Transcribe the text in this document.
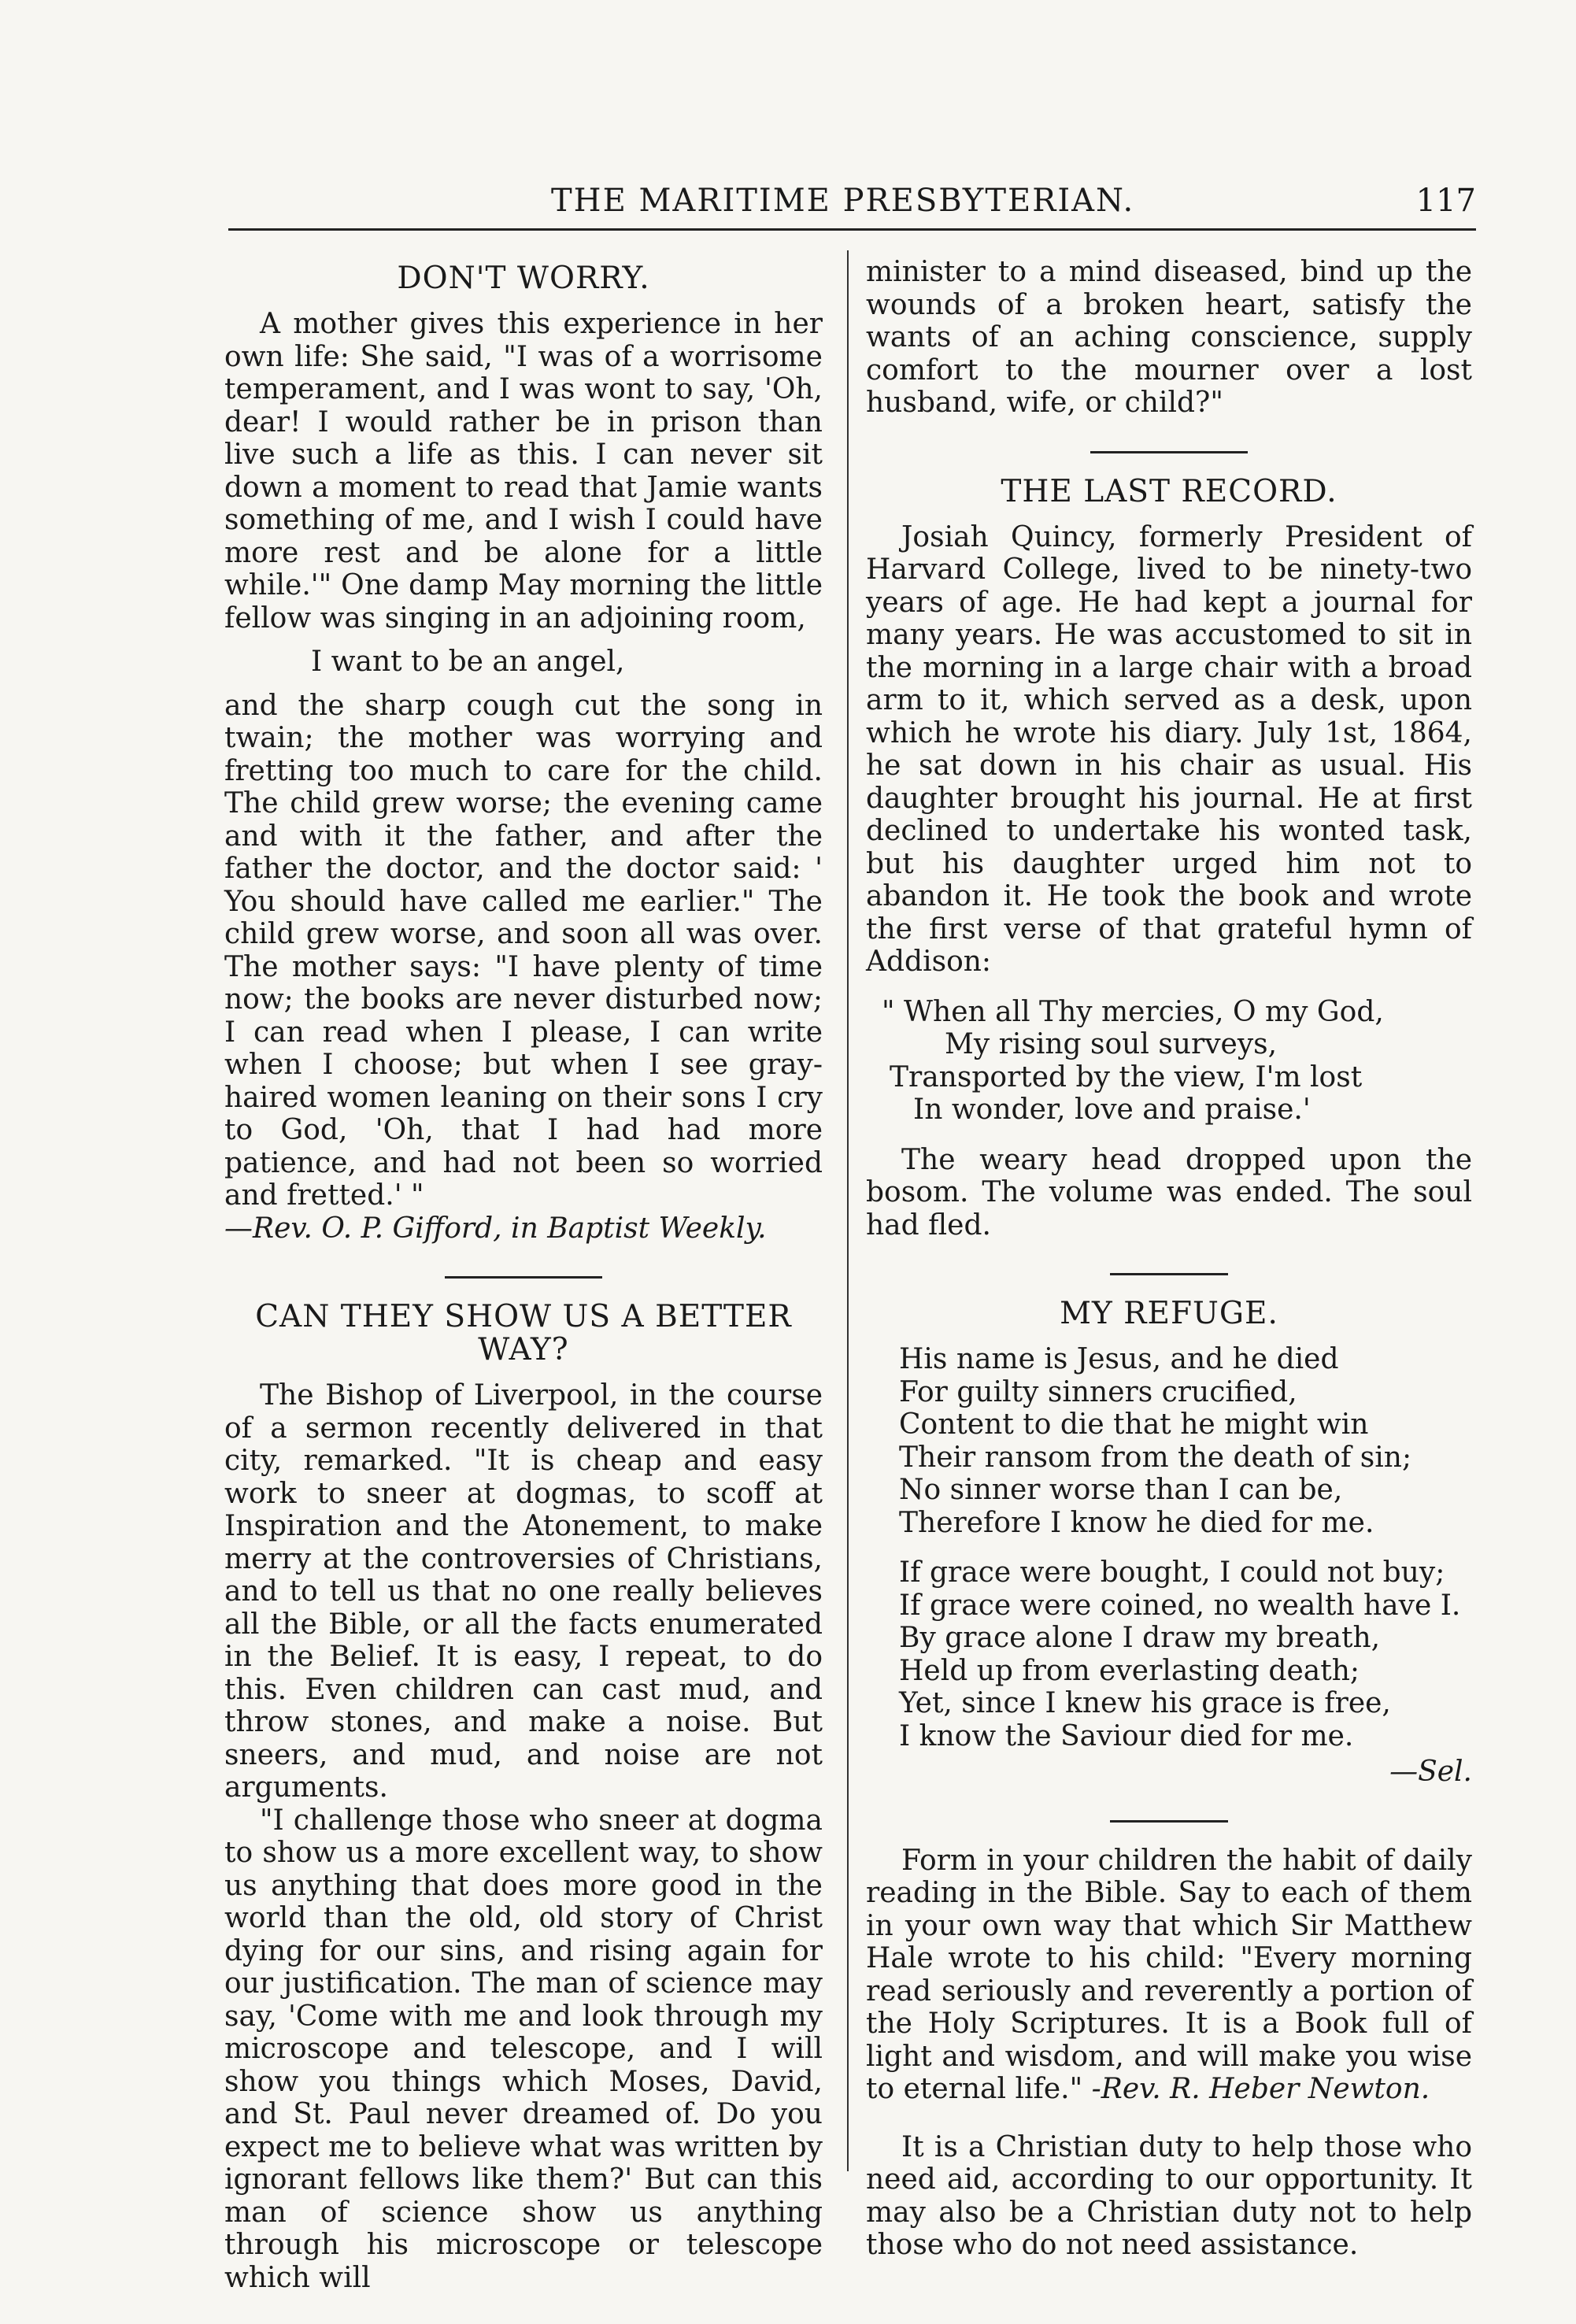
THE MARITIME PRESBYTERIAN.	117
DON'T WORRY.

A mother gives this experience in her own life: She said, "I was of a worrisome temperament, and I was wont to say, 'Oh, dear! I would rather be in prison than live such a life as this. I can never sit down a moment to read that Jamie wants something of me, and I wish I could have more rest and be alone for a little while.'" One damp May morning the little fellow was singing in an adjoining room,

I want to be an angel,

and the sharp cough cut the song in twain; the mother was worrying and fretting too much to care for the child. The child grew worse; the evening came and with it the father, and after the father the doctor, and the doctor said: ' You should have called me earlier." The child grew worse, and soon all was over. The mother says: "I have plenty of time now; the books are never disturbed now; I can read when I please, I can write when I choose; but when I see gray-haired women leaning on their sons I cry to God, 'Oh, that I had had more patience, and had not been so worried and fretted.' "

—Rev. O. P. Gifford, in Baptist Weekly.

CAN THEY SHOW US A BETTER WAY?

The Bishop of Liverpool, in the course of a sermon recently delivered in that city, remarked. "It is cheap and easy work to sneer at dogmas, to scoff at Inspiration and the Atonement, to make merry at the controversies of Christians, and to tell us that no one really believes all the Bible, or all the facts enumerated in the Belief. It is easy, I repeat, to do this. Even children can cast mud, and throw stones, and make a noise. But sneers, and mud, and noise are not arguments.

"I challenge those who sneer at dogma to show us a more excellent way, to show us anything that does more good in the world than the old, old story of Christ dying for our sins, and rising again for our justification. The man of science may say, 'Come with me and look through my microscope and telescope, and I will show you things which Moses, David, and St. Paul never dreamed of. Do you expect me to believe what was written by ignorant fellows like them?' But can this man of science show us anything through his microscope or telescope which will

minister to a mind diseased, bind up the wounds of a broken heart, satisfy the wants of an aching conscience, supply comfort to the mourner over a lost husband, wife, or child?"

THE LAST RECORD.

Josiah Quincy, formerly President of Harvard College, lived to be ninety-two years of age. He had kept a journal for many years. He was accustomed to sit in the morning in a large chair with a broad arm to it, which served as a desk, upon which he wrote his diary. July 1st, 1864, he sat down in his chair as usual. His daughter brought his journal. He at first declined to undertake his wonted task, but his daughter urged him not to abandon it. He took the book and wrote the first verse of that grateful hymn of Addison:

" When all Thy mercies, O my God,

My rising soul surveys,

Transported by the view, I'm lost

In wonder, love and praise.'

The weary head dropped upon the bosom. The volume was ended. The soul had fled.

MY REFUGE.

His name is Jesus, and he died

For guilty sinners crucified,

Content to die that he might win

Their ransom from the death of sin;

No sinner worse than I can be,

Therefore I know he died for me.

If grace were bought, I could not buy;

If grace were coined, no wealth have I.

By grace alone I draw my breath,

Held up from everlasting death;

Yet, since I knew his grace is free,

I know the Saviour died for me.

—Sel.

Form in your children the habit of daily reading in the Bible. Say to each of them in your own way that which Sir Matthew Hale wrote to his child: "Every morning read seriously and reverently a portion of the Holy Scriptures. It is a Book full of light and wisdom, and will make you wise to eternal life." -Rev. R. Heber Newton.

It is a Christian duty to help those who need aid, according to our opportunity. It may also be a Christian duty not to help those who do not need assistance.
